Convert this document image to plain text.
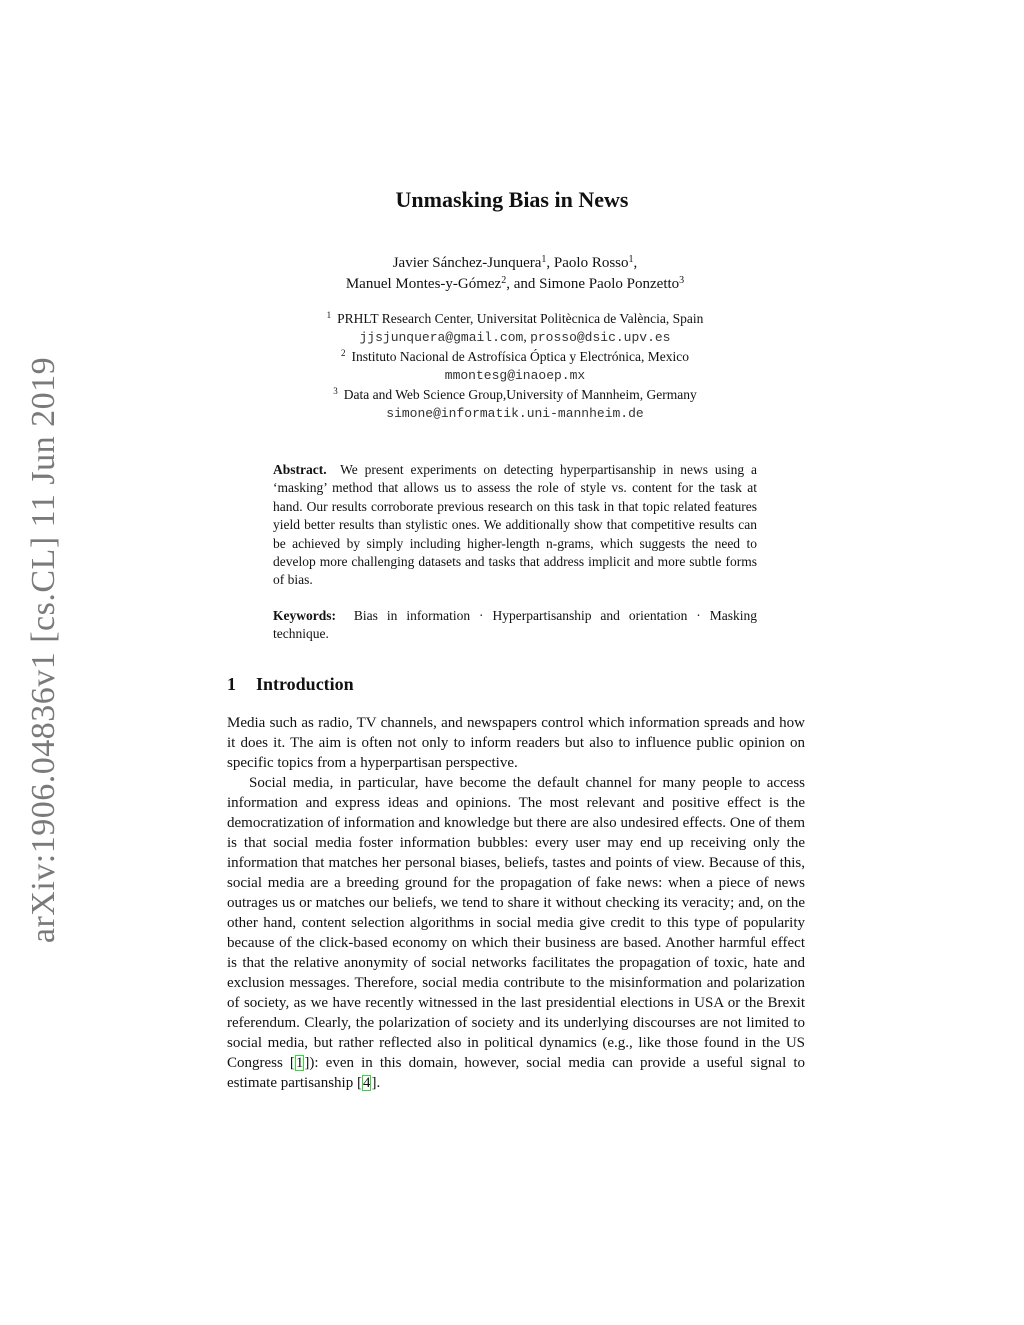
arXiv:1906.04836v1 [cs.CL] 11 Jun 2019
Unmasking Bias in News
Javier Sánchez-Junquera$^1$, Paolo Rosso$^1$,
Manuel Montes-y-Gómez$^2$, and Simone Paolo Ponzetto$^3$
$^1$ PRHLT Research Center, Universitat Politècnica de València, Spain
jjsjunquera@gmail.com, prosso@dsic.upv.es
$^2$ Instituto Nacional de Astrofísica Óptica y Electrónica, Mexico
mmontesg@inaoep.mx
$^3$ Data and Web Science Group,University of Mannheim, Germany
simone@informatik.uni-mannheim.de

Abstract. We present experiments on detecting hyperpartisanship in news using a ‘masking’ method that allows us to assess the role of style vs. content for the task at hand. Our results corroborate previous research on this task in that topic related features yield better results than stylistic ones. We additionally show that competitive results can be achieved by simply including higher-length n-grams, which suggests the need to develop more challenging datasets and tasks that address implicit and more subtle forms of bias.

Keywords: Bias in information · Hyperpartisanship and orientation · Masking technique.

1 Introduction

Media such as radio, TV channels, and newspapers control which information spreads and how it does it. The aim is often not only to inform readers but also to influence public opinion on specific topics from a hyperpartisan perspective.

Social media, in particular, have become the default channel for many people to access information and express ideas and opinions. The most relevant and positive effect is the democratization of information and knowledge but there are also undesired effects. One of them is that social media foster information bubbles: every user may end up receiving only the information that matches her personal biases, beliefs, tastes and points of view. Because of this, social media are a breeding ground for the propagation of fake news: when a piece of news outrages us or matches our beliefs, we tend to share it without checking its veracity; and, on the other hand, content selection algorithms in social media give credit to this type of popularity because of the click-based economy on which their business are based. Another harmful effect is that the relative anonymity of social networks facilitates the propagation of toxic, hate and exclusion messages. Therefore, social media contribute to the misinformation and polarization of society, as we have recently witnessed in the last presidential elections in USA or the Brexit referendum. Clearly, the polarization of society and its underlying discourses are not limited to social media, but rather reflected also in political dynamics (e.g., like those found in the US Congress [1]): even in this domain, however, social media can provide a useful signal to estimate partisanship [4].
